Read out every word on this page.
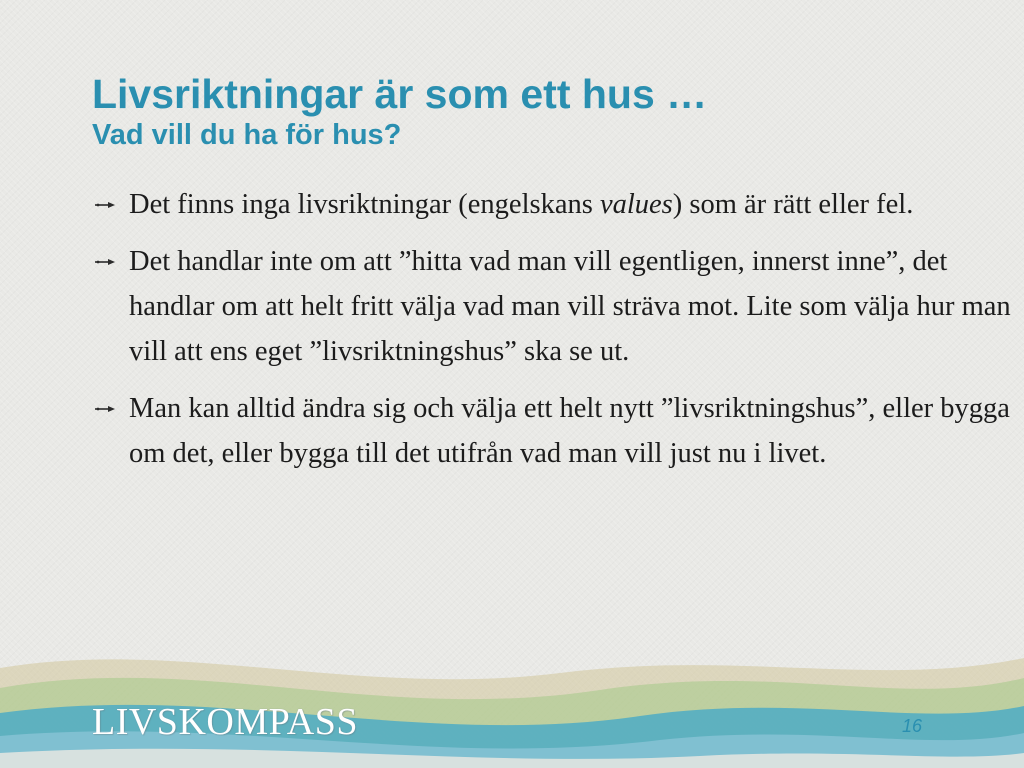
Livsriktningar är som ett hus …
Vad vill du ha för hus?
Det finns inga livsriktningar (engelskans values) som är rätt eller fel.
Det handlar inte om att ”hitta vad man vill egentligen, innerst inne”, det handlar om att helt fritt välja vad man vill sträva mot. Lite som välja hur man vill att ens eget ”livsriktningshus” ska se ut.
Man kan alltid ändra sig och välja ett helt nytt ”livsriktningshus”, eller bygga om det, eller bygga till det utifrån vad man vill just nu i livet.
LIVSKOMPASS	16
